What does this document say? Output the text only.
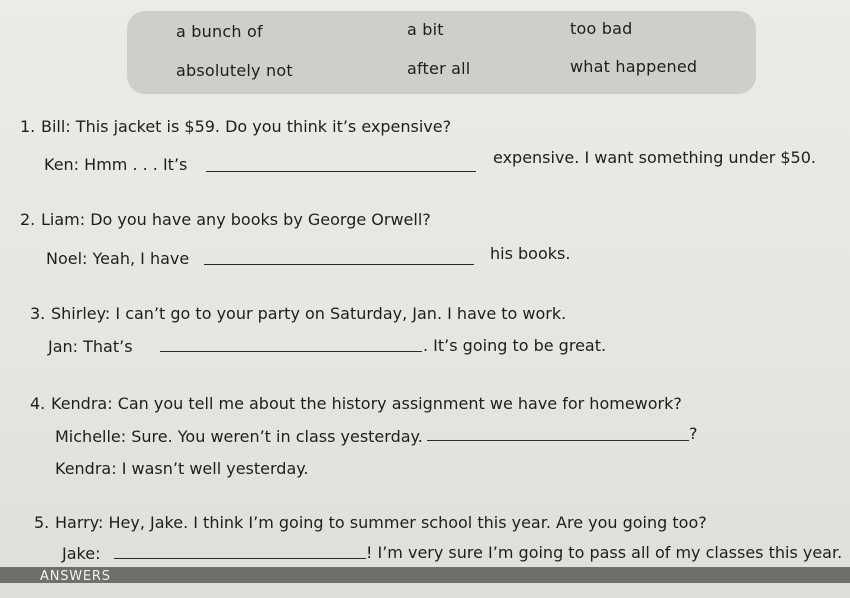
a bunch of	a bit	too bad
absolutely not	after all	what happened
1. Bill: This jacket is $59. Do you think it’s expensive?
Ken: Hmm . . . It’s	expensive. I want something under $50.
2. Liam: Do you have any books by George Orwell?
Noel: Yeah, I have	his books.
3. Shirley: I can’t go to your party on Saturday, Jan. I have to work.
Jan: That’s	. It’s going to be great.
4. Kendra: Can you tell me about the history assignment we have for homework?
Michelle: Sure. You weren’t in class yesterday.	?
Kendra: I wasn’t well yesterday.
5. Harry: Hey, Jake. I think I’m going to summer school this year. Are you going too?
Jake:	! I’m very sure I’m going to pass all of my classes this year.
ANSWERS
